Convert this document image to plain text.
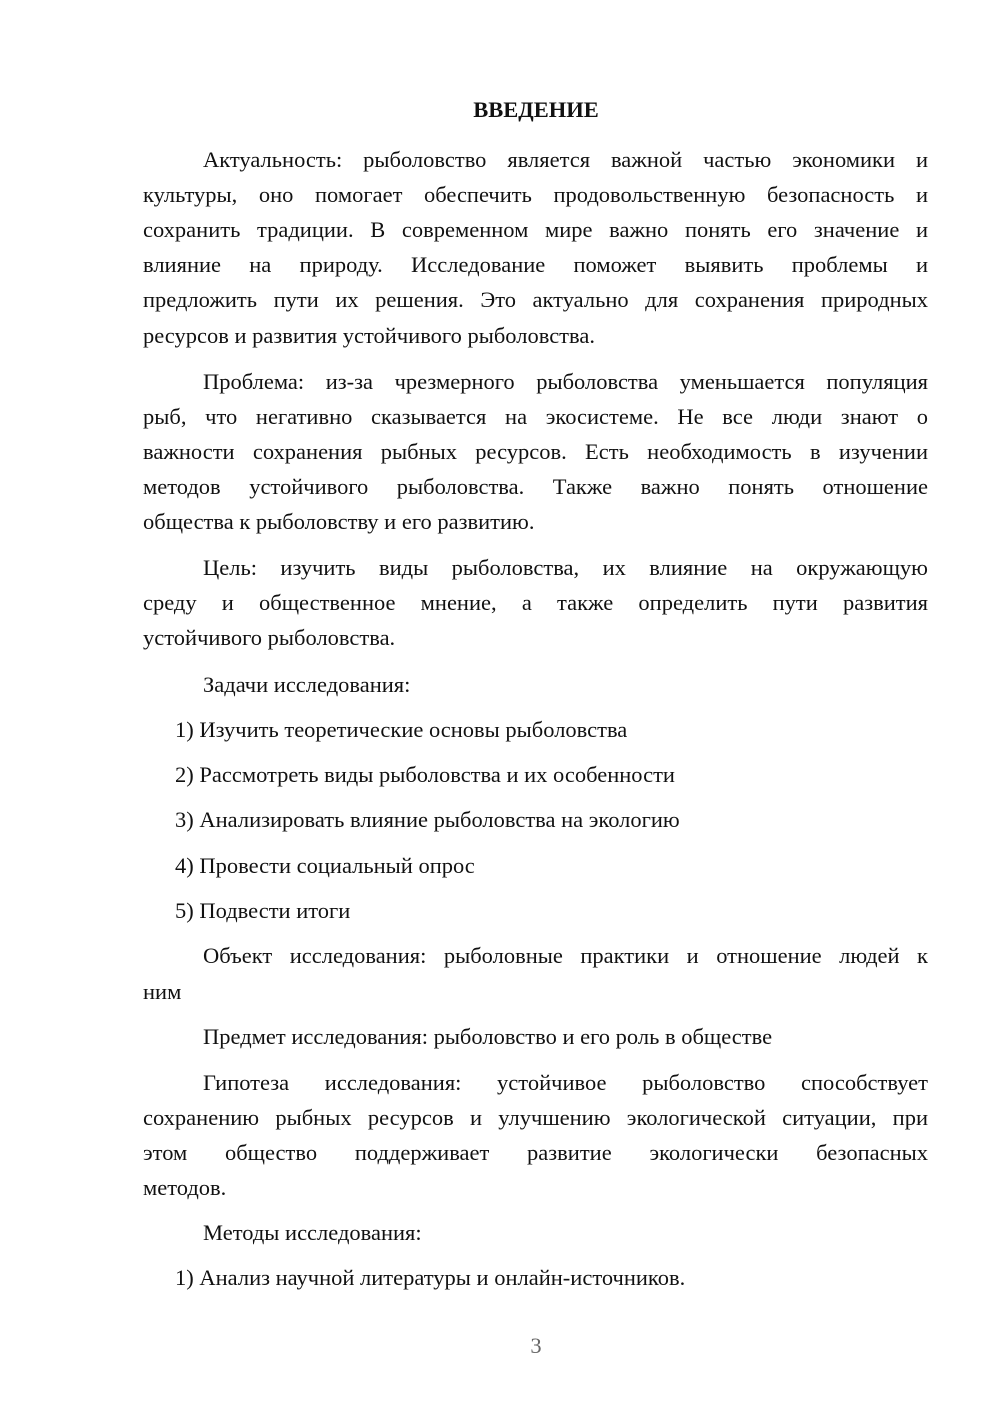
ВВЕДЕНИЕ
Актуальность: рыболовство является важной частью экономики и
культуры, оно помогает обеспечить продовольственную безопасность и
сохранить традиции. В современном мире важно понять его значение и
влияние на природу. Исследование поможет выявить проблемы и
предложить пути их решения. Это актуально для сохранения природных
ресурсов и развития устойчивого рыболовства.
Проблема: из-за чрезмерного рыболовства уменьшается популяция
рыб, что негативно сказывается на экосистеме. Не все люди знают о
важности сохранения рыбных ресурсов. Есть необходимость в изучении
методов устойчивого рыболовства. Также важно понять отношение
общества к рыболовству и его развитию.
Цель: изучить виды рыболовства, их влияние на окружающую
среду и общественное мнение, а также определить пути развития
устойчивого рыболовства.
Задачи исследования:
1) Изучить теоретические основы рыболовства
2) Рассмотреть виды рыболовства и их особенности
3) Анализировать влияние рыболовства на экологию
4) Провести социальный опрос
5) Подвести итоги
Объект исследования: рыболовные практики и отношение людей к
ним
Предмет исследования: рыболовство и его роль в обществе
Гипотеза исследования: устойчивое рыболовство способствует
сохранению рыбных ресурсов и улучшению экологической ситуации, при
этом общество поддерживает развитие экологически безопасных
методов.
Методы исследования:
1) Анализ научной литературы и онлайн-источников.
3
